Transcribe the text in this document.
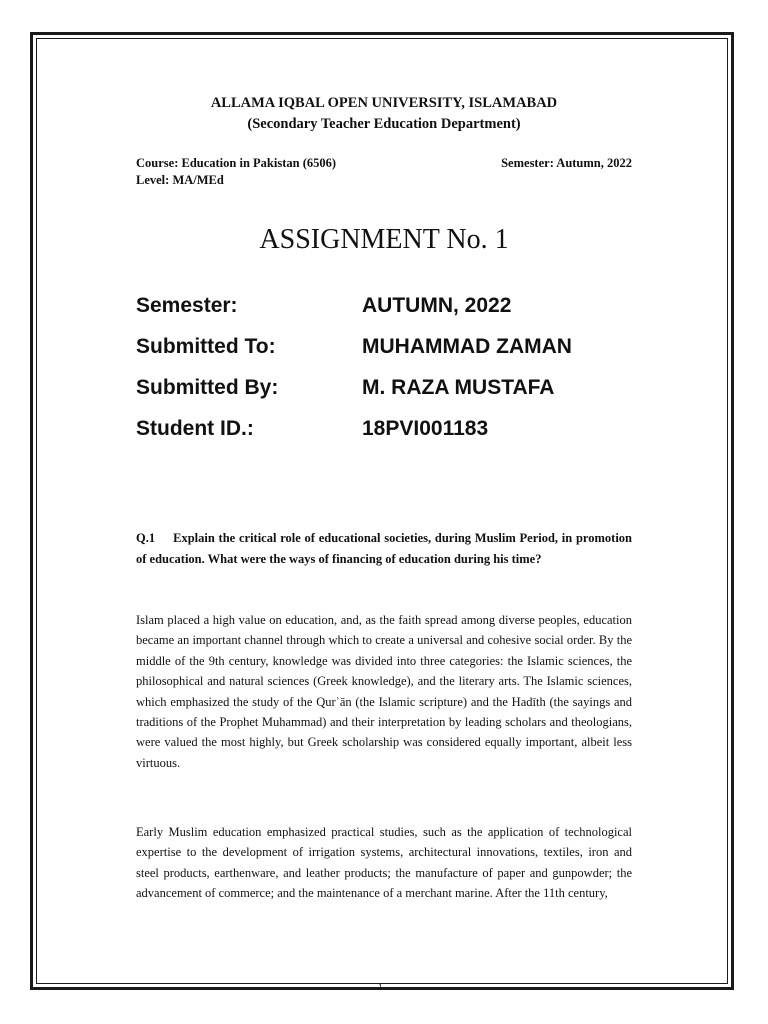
ALLAMA IQBAL OPEN UNIVERSITY, ISLAMABAD
(Secondary Teacher Education Department)
Course: Education in Pakistan (6506)	Semester: Autumn, 2022
Level: MA/MEd
ASSIGNMENT No. 1
Semester:	AUTUMN, 2022
Submitted To:	MUHAMMAD ZAMAN
Submitted By:	M. RAZA MUSTAFA
Student ID.:	18PVI001183
Q.1 Explain the critical role of educational societies, during Muslim Period, in promotion of education. What were the ways of financing of education during his time?

Islam placed a high value on education, and, as the faith spread among diverse peoples, education became an important channel through which to create a universal and cohesive social order. By the middle of the 9th century, knowledge was divided into three categories: the Islamic sciences, the philosophical and natural sciences (Greek knowledge), and the literary arts. The Islamic sciences, which emphasized the study of the Qurʾān (the Islamic scripture) and the Hadīth (the sayings and traditions of the Prophet Muhammad) and their interpretation by leading scholars and theologians, were valued the most highly, but Greek scholarship was considered equally important, albeit less virtuous.

Early Muslim education emphasized practical studies, such as the application of technological expertise to the development of irrigation systems, architectural innovations, textiles, iron and steel products, earthenware, and leather products; the manufacture of paper and gunpowder; the advancement of commerce; and the maintenance of a merchant marine. After the 11th century,

1
